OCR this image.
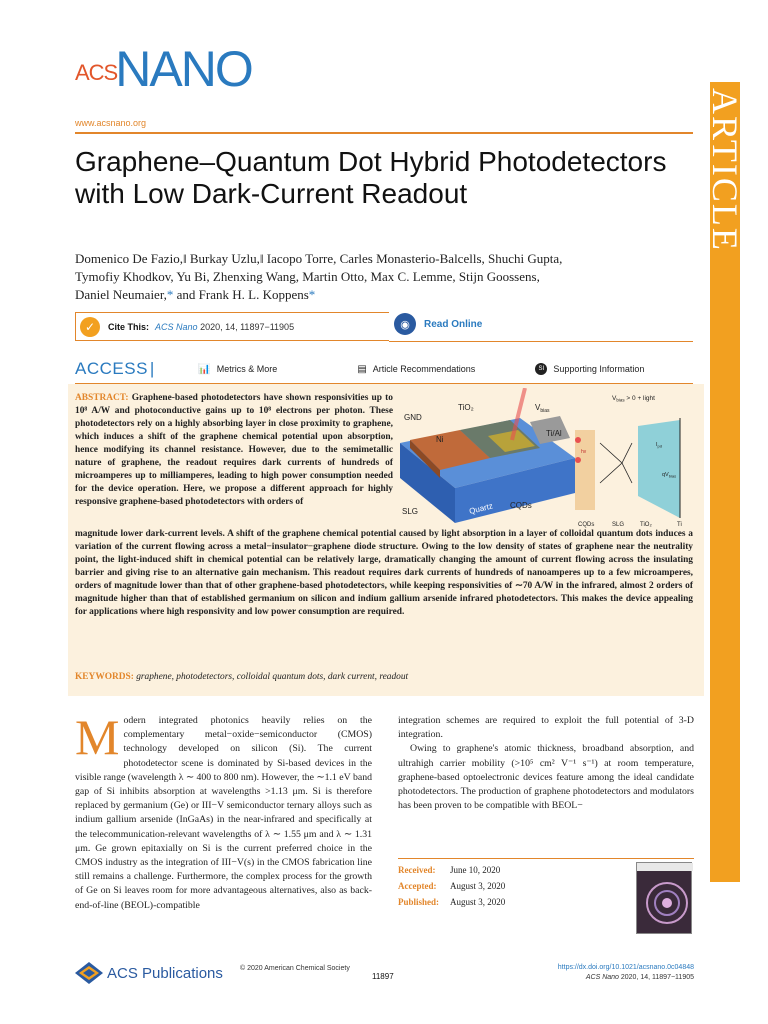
ACS
NANO
www.acsnano.org	ARTICLE
Graphene–Quantum Dot Hybrid Photodetectors with Low Dark-Current Readout
Domenico De Fazio,‖ Burkay Uzlu,‖ Iacopo Torre, Carles Monasterio-Balcells, Shuchi Gupta,
Tymofiy Khodkov, Yu Bi, Zhenxing Wang, Martin Otto, Max C. Lemme, Stijn Goossens,
Daniel Neumaier,* and Frank H. L. Koppens*
✓	Cite This: ACS Nano 2020, 14, 11897−11905	◉	Read Online
ACCESS |	📊 Metrics & More	▤ Article Recommendations	SI	Supporting Information
ABSTRACT: Graphene-based photodetectors have shown responsivities up to 10⁸ A/W and photoconductive gains up to 10⁸ electrons per photon. These photodetectors rely on a highly absorbing layer in close proximity to graphene, which induces a shift of the graphene chemical potential upon absorption, hence modifying its channel resistance. However, due to the semimetallic nature of graphene, the readout requires dark currents of hundreds of microamperes up to milliamperes, leading to high power consumption needed for the device operation. Here, we propose a different approach for highly responsive graphene-based photodetectors with orders of
GND
TiO₂	$V_{bias}$
Ti/Al
Ni
SLG	Quartz CQDs
$V_{bias} > 0$ + light
hν
$I_{pd}$
$qV_{bias}$
CQDs	SLG	TiO₂	Ti
magnitude lower dark-current levels. A shift of the graphene chemical potential caused by light absorption in a layer of colloidal quantum dots induces a variation of the current flowing across a metal−insulator−graphene diode structure. Owing to the low density of states of graphene near the neutrality point, the light-induced shift in chemical potential can be relatively large, dramatically changing the amount of current flowing across the insulating barrier and giving rise to an alternative gain mechanism. This readout requires dark currents of hundreds of nanoamperes up to a few microamperes, orders of magnitude lower than that of other graphene-based photodetectors, while keeping responsivities of ∼70 A/W in the infrared, almost 2 orders of magnitude higher than that of established germanium on silicon and indium gallium arsenide infrared photodetectors. This makes the device appealing for applications where high responsivity and low power consumption are required.
KEYWORDS: graphene, photodetectors, colloidal quantum dots, dark current, readout
M odern integrated photonics heavily relies on the complementary metal−oxide−semiconductor (CMOS) technology developed on silicon (Si). The current photodetector scene is dominated by Si-based devices in the visible range (wavelength λ ∼ 400 to 800 nm). However, the ∼1.1 eV band gap of Si inhibits absorption at wavelengths >1.13 μm. Si is therefore replaced by germanium (Ge) or III−V semiconductor ternary alloys such as indium gallium arsenide (InGaAs) in the near-infrared and specifically at the telecommunication-relevant wavelengths of λ ∼ 1.55 μm and λ ∼ 1.31 μm. Ge grown epitaxially on Si is the current preferred choice in the CMOS industry as the integration of III−V(s) in the CMOS fabrication line still remains a challenge. Furthermore, the complex process for the growth of Ge on Si leaves room for more advantageous alternatives, also as back-end-of-line (BEOL)-compatible

integration schemes are required to exploit the full potential of 3-D integration.

Owing to graphene's atomic thickness, broadband absorption, and ultrahigh carrier mobility (>10⁵ cm² V⁻¹ s⁻¹) at room temperature, graphene-based optoelectronic devices feature among the ideal candidate photodetectors. The production of graphene photodetectors and modulators has been proven to be compatible with BEOL−

Received: June 10, 2020
Accepted: August 3, 2020
Published: August 3, 2020
ACS Publications © 2020 American Chemical Society
11897
https://dx.doi.org/10.1021/acsnano.0c04848
ACS Nano 2020, 14, 11897−11905
